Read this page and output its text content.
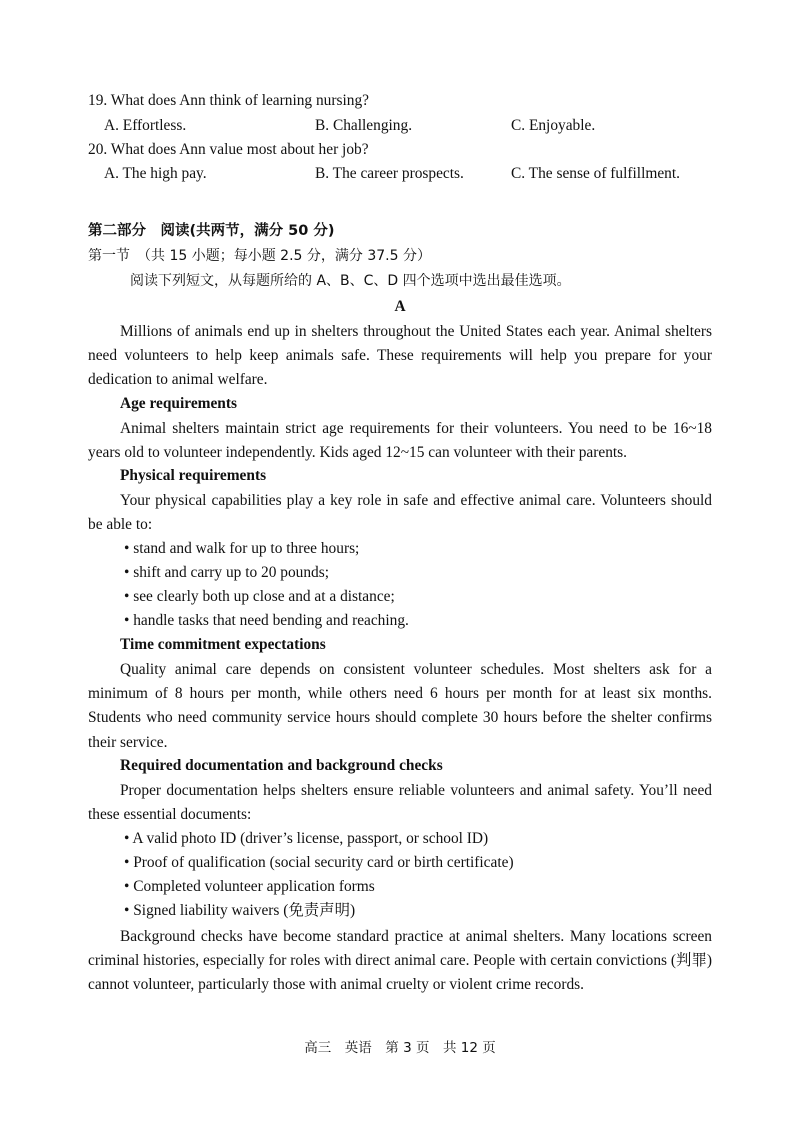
19. What does Ann think of learning nursing?
A. Effortless.	B. Challenging.	C. Enjoyable.
20. What does Ann value most about her job?
A. The high pay.	B. The career prospects.	C. The sense of fulfillment.
第二部分　阅读(共两节，满分 50 分)
第一节　（共 15 小题；每小题 2.5 分，满分 37.5 分）
阅读下列短文，从每题所给的 A、B、C、D 四个选项中选出最佳选项。
A
Millions of animals end up in shelters throughout the United States each year. Animal shelters need volunteers to help keep animals safe. These requirements will help you prepare for your dedication to animal welfare.
Age requirements
Animal shelters maintain strict age requirements for their volunteers. You need to be 16~18 years old to volunteer independently. Kids aged 12~15 can volunteer with their parents.
Physical requirements
Your physical capabilities play a key role in safe and effective animal care. Volunteers should be able to:
• stand and walk for up to three hours;
• shift and carry up to 20 pounds;
• see clearly both up close and at a distance;
• handle tasks that need bending and reaching.
Time commitment expectations
Quality animal care depends on consistent volunteer schedules. Most shelters ask for a minimum of 8 hours per month, while others need 6 hours per month for at least six months. Students who need community service hours should complete 30 hours before the shelter confirms their service.
Required documentation and background checks
Proper documentation helps shelters ensure reliable volunteers and animal safety. You’ll need these essential documents:
• A valid photo ID (driver’s license, passport, or school ID)
• Proof of qualification (social security card or birth certificate)
• Completed volunteer application forms
• Signed liability waivers (免责声明)
Background checks have become standard practice at animal shelters. Many locations screen criminal histories, especially for roles with direct animal care. People with certain convictions (判罪) cannot volunteer, particularly those with animal cruelty or violent crime records.
高三　英语　第 3 页　共 12 页
